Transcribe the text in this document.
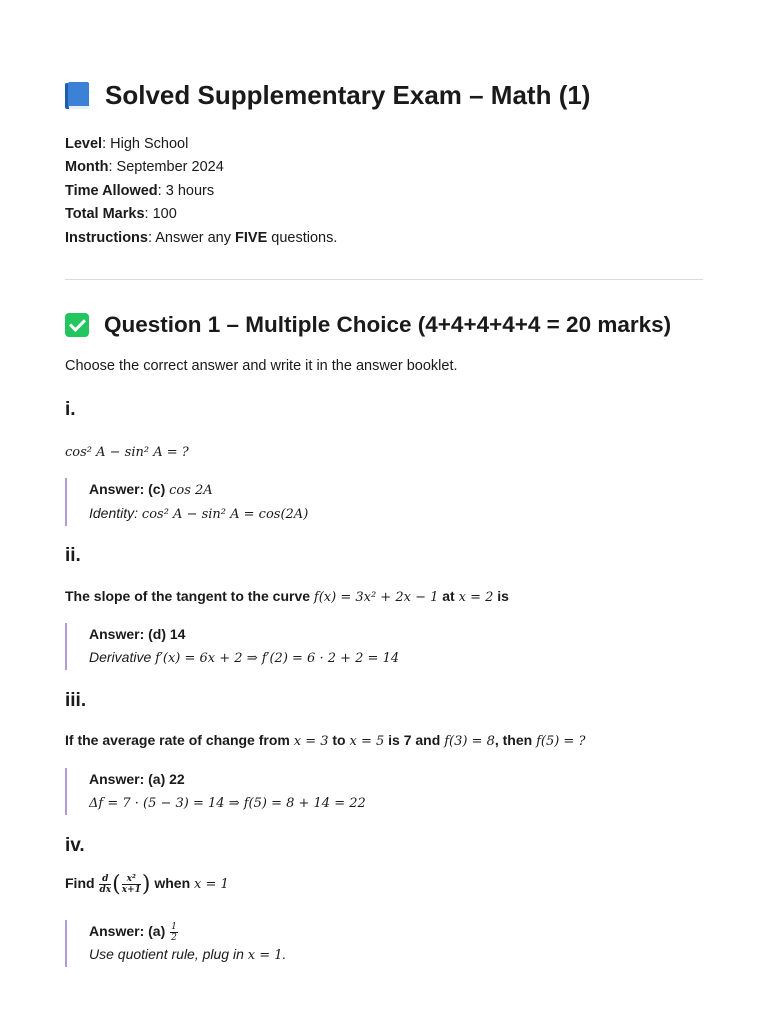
Solved Supplementary Exam – Math (1)
Level: High School
Month: September 2024
Time Allowed: 3 hours
Total Marks: 100
Instructions: Answer any FIVE questions.
Question 1 – Multiple Choice (4+4+4+4+4 = 20 marks)
Choose the correct answer and write it in the answer booklet.
i.
cos² A − sin² A = ?
Answer: (c) cos 2A
Identity: cos² A − sin² A = cos(2A)
ii.
The slope of the tangent to the curve f(x) = 3x² + 2x − 1 at x = 2 is
Answer: (d) 14
Derivative f′(x) = 6x + 2 ⇒ f′(2) = 6 · 2 + 2 = 14
iii.
If the average rate of change from x = 3 to x = 5 is 7 and f(3) = 8, then f(5) = ?
Answer: (a) 22
Δf = 7 · (5 − 3) = 14 ⇒ f(5) = 8 + 14 = 22
iv.
Find $\frac{d}{dx}$ ( $\frac{\text{x²}}{x+1}$ ) when x = 1
Answer: $(a) \frac{1}{2}$
Use quotient rule, plug in x = 1.
